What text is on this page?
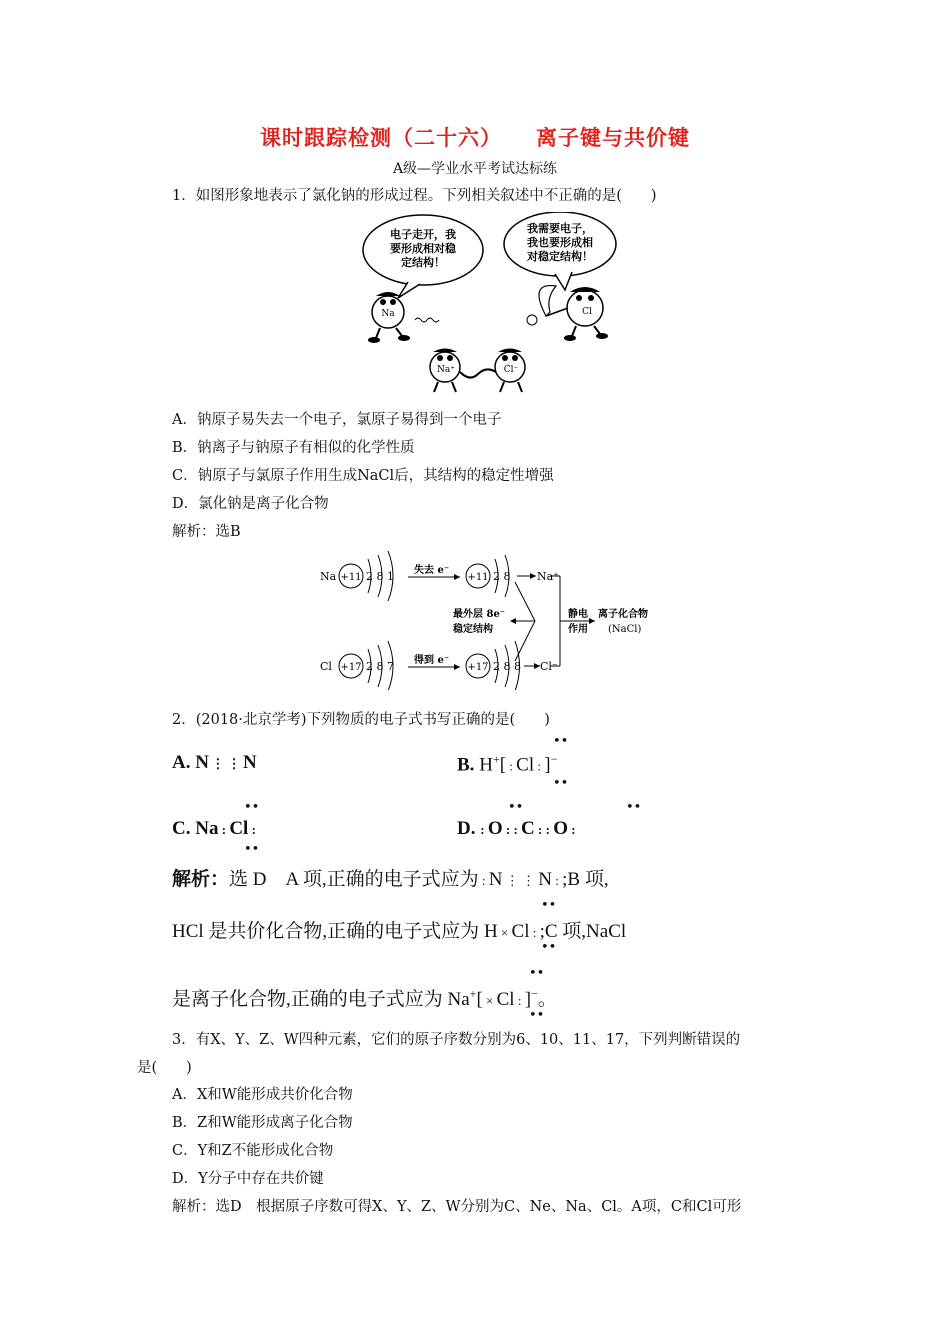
课时跟踪检测（二十六） 离子键与共价键
A级—学业水平考试达标练
1．如图形象地表示了氯化钠的形成过程。下列相关叙述中不正确的是(　　)
电子走开，我
要形成相对稳
定结构！
我需要电子，
我也要形成相
对稳定结构！
Na	Cl
Na⁺	Cl⁻
A．钠原子易失去一个电子，氯原子易得到一个电子
B．钠离子与钠原子有相似的化学性质
C．钠原子与氯原子作用生成NaCl后，其结构的稳定性增强
D．氯化钠是离子化合物
解析：选B
Na +11 2 8 1 失去 e⁻
+11 2 8 Na⁺
最外层 8e⁻
稳定结构
静电
作用
离子化合物
(NaCl)
Cl +17 2 8 7 得到 e⁻
+17 2 8 8 Cl⁻
2．(2018·北京学考)下列物质的电子式书写正确的是(　　)
A. N ⋮ ⋮ N	B. H+[ : Cl : ]−
••
••
C. Na : Cl :
••
••
D. : O : : C : : O :
••	••
解析：选 D　A 项,正确的电子式应为 : N ⋮ ⋮ N : ;B 项,
HCl 是共价化合物,正确的电子式应为 H × Cl : ;C 项,NaCl
••
••
是离子化合物,正确的电子式应为 Na+[ × Cl : ]−。
••
••
3．有X、Y、Z、W四种元素，它们的原子序数分别为6、10、11、17，下列判断错误的
是(　　)
A．X和W能形成共价化合物
B．Z和W能形成离子化合物
C．Y和Z不能形成化合物
D．Y分子中存在共价键
解析：选D　根据原子序数可得X、Y、Z、W分别为C、Ne、Na、Cl。A项，C和Cl可形
